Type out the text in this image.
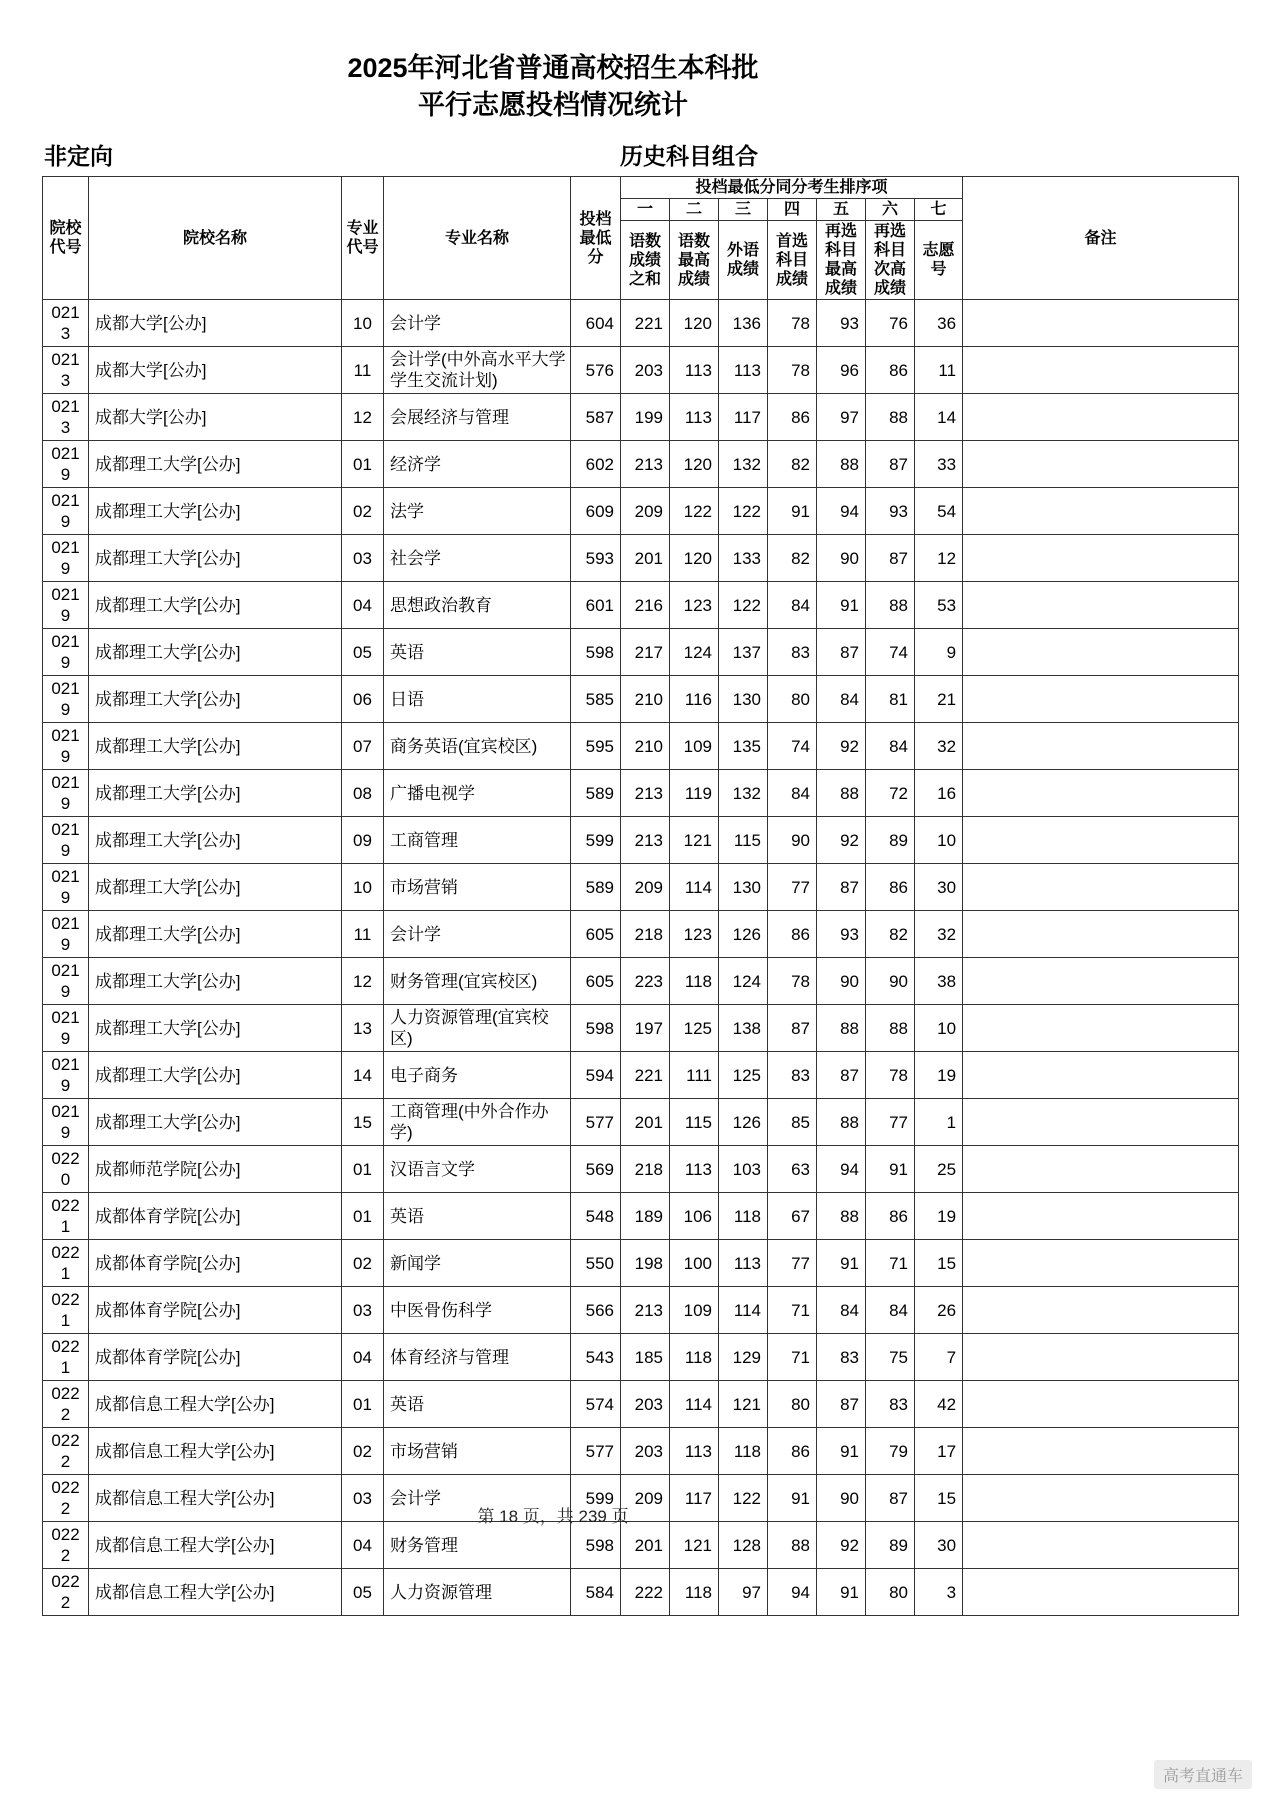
2025年河北省普通高校招生本科批
平行志愿投档情况统计
非定向	历史科目组合
院校代号	院校名称	专业代号	专业名称	投档最低分	投档最低分同分考生排序项							备注
					一	二	三	四	五	六	七	
					语数成绩之和	语数最高成绩	外语成绩	首选科目成绩	再选科目最高成绩	再选科目次高成绩	志愿号	
0213	成都大学[公办]	10	会计学	604	221	120	136	78	93	76	36	
0213	成都大学[公办]	11	会计学(中外高水平大学学生交流计划)	576	203	113	113	78	96	86	11	
0213	成都大学[公办]	12	会展经济与管理	587	199	113	117	86	97	88	14	
0219	成都理工大学[公办]	01	经济学	602	213	120	132	82	88	87	33	
0219	成都理工大学[公办]	02	法学	609	209	122	122	91	94	93	54	
0219	成都理工大学[公办]	03	社会学	593	201	120	133	82	90	87	12	
0219	成都理工大学[公办]	04	思想政治教育	601	216	123	122	84	91	88	53	
0219	成都理工大学[公办]	05	英语	598	217	124	137	83	87	74	9	
0219	成都理工大学[公办]	06	日语	585	210	116	130	80	84	81	21	
0219	成都理工大学[公办]	07	商务英语(宜宾校区)	595	210	109	135	74	92	84	32	
0219	成都理工大学[公办]	08	广播电视学	589	213	119	132	84	88	72	16	
0219	成都理工大学[公办]	09	工商管理	599	213	121	115	90	92	89	10	
0219	成都理工大学[公办]	10	市场营销	589	209	114	130	77	87	86	30	
0219	成都理工大学[公办]	11	会计学	605	218	123	126	86	93	82	32	
0219	成都理工大学[公办]	12	财务管理(宜宾校区)	605	223	118	124	78	90	90	38	
0219	成都理工大学[公办]	13	人力资源管理(宜宾校区)	598	197	125	138	87	88	88	10	
0219	成都理工大学[公办]	14	电子商务	594	221	111	125	83	87	78	19	
0219	成都理工大学[公办]	15	工商管理(中外合作办学)	577	201	115	126	85	88	77	1	
0220	成都师范学院[公办]	01	汉语言文学	569	218	113	103	63	94	91	25	
0221	成都体育学院[公办]	01	英语	548	189	106	118	67	88	86	19	
0221	成都体育学院[公办]	02	新闻学	550	198	100	113	77	91	71	15	
0221	成都体育学院[公办]	03	中医骨伤科学	566	213	109	114	71	84	84	26	
0221	成都体育学院[公办]	04	体育经济与管理	543	185	118	129	71	83	75	7	
0222	成都信息工程大学[公办]	01	英语	574	203	114	121	80	87	83	42	
0222	成都信息工程大学[公办]	02	市场营销	577	203	113	118	86	91	79	17	
0222	成都信息工程大学[公办]	03	会计学	599	209	117	122	91	90	87	15	
0222	成都信息工程大学[公办]	04	财务管理	598	201	121	128	88	92	89	30	
0222	成都信息工程大学[公办]	05	人力资源管理	584	222	118	97	94	91	80	3	
第 18 页，共 239 页
高考直通车
